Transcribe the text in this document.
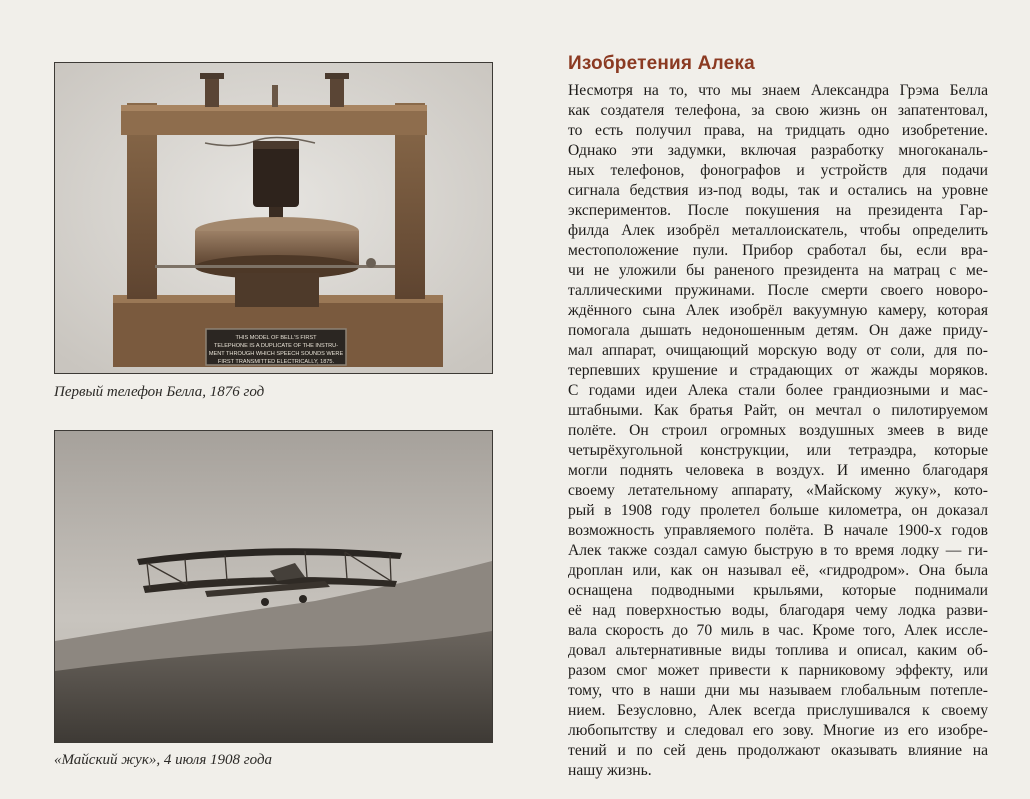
THIS MODEL OF BELL'S FIRST
TELEPHONE IS A DUPLICATE OF THE INSTRU-
MENT THROUGH WHICH SPEECH SOUNDS WERE
FIRST TRANSMITTED ELECTRICALLY, 1875.
Первый телефон Белла, 1876 год
«Майский жук», 4 июля 1908 года
Изобретения Алека
Несмотря на то, что мы знаем Александра Грэма Белла
как создателя телефона, за свою жизнь он запатентовал,
то есть получил права, на тридцать одно изобретение.
Однако эти задумки, включая разработку многоканаль-
ных телефонов, фонографов и устройств для подачи
сигнала бедствия из-под воды, так и остались на уровне
экспериментов. После покушения на президента Гар-
филда Алек изобрёл металлоискатель, чтобы определить
местоположение пули. Прибор сработал бы, если вра-
чи не уложили бы раненого президента на матрац с ме-
таллическими пружинами. После смерти своего новоро-
ждённого сына Алек изобрёл вакуумную камеру, которая
помогала дышать недоношенным детям. Он даже приду-
мал аппарат, очищающий морскую воду от соли, для по-
терпевших крушение и страдающих от жажды моряков.
С годами идеи Алека стали более грандиозными и мас-
штабными. Как братья Райт, он мечтал о пилотируемом
полёте. Он строил огромных воздушных змеев в виде
четырёхугольной конструкции, или тетраэдра, которые
могли поднять человека в воздух. И именно благодаря
своему летательному аппарату, «Майскому жуку», кото-
рый в 1908 году пролетел больше километра, он доказал
возможность управляемого полёта. В начале 1900-х годов
Алек также создал самую быструю в то время лодку — ги-
дроплан или, как он называл её, «гидродром». Она была
оснащена подводными крыльями, которые поднимали
её над поверхностью воды, благодаря чему лодка разви-
вала скорость до 70 миль в час. Кроме того, Алек иссле-
довал альтернативные виды топлива и описал, каким об-
разом смог может привести к парниковому эффекту, или
тому, что в наши дни мы называем глобальным потепле-
нием. Безусловно, Алек всегда прислушивался к своему
любопытству и следовал его зову. Многие из его изобре-
тений и по сей день продолжают оказывать влияние на
нашу жизнь.
